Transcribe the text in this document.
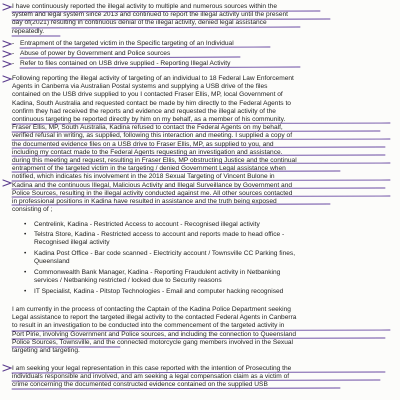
I have continuously reported the illegal activity to multiple and numerous sources within the
system and legal system since 2013 and continued to report the illegal activity until the present
day of(2021) resulting in continuous denial of the illegal activity, denied legal assistance
repeatedly.

- Entrapment of the targeted victim in the Specific targeting of an Individual
- Abuse of power by Government and Police sources
- Refer to files contained on USB drive supplied - Reporting Illegal Activity

Following reporting the illegal activity of targeting of an individual to 18 Federal Law Enforcement
Agents in Canberra via Australian Postal systems and supplying a USB drive of the files
contained on the USB drive supplied to you I contacted Fraser Ellis, MP, local Government of
Kadina, South Australia and requested contact be made by him directly to the Federal Agents to
confirm they had received the reports and evidence and requested the illegal activity of the
continuous targeting be reported directly by him on my behalf, as a member of his community.
Fraser Ellis, MP, South Australia, Kadina refused to contact the Federal Agents on my behalf,
verified refusal in writing, as supplied, following this interaction and meeting. I supplied a copy of
the documented evidence files on a USB drive to Fraser Ellis, MP, as supplied to you, and
including my contact made to the Federal Agents requesting an investigation and assistance.
during this meeting and request, resulting in Fraser Ellis, MP obstructing Justice and the continual
entrapment of the targeted victim in the targeting / denied Government Legal assistance when
notified, which indicates his involvement in the 2018 Sexual Targeting of Vincent Bulone in
Kadina and the continuous Illegal, Malicious Activity and Illegal Surveillance by Government and
Police Sources, resulting in the illegal activity conducted against me. All other sources contacted
in professional positions in Kadina have resulted in assistance and the truth being exposed
consisting of ;

• Centrelink, Kadina - Restricted Access to account - Recognised illegal activity
• Telstra Store, Kadina - Restricted access to account and reports made to head office -
Recognised illegal activity
• Kadina Post Office - Bar code scanned - Electricity account / Townsville CC Parking fines,
Queensland
• Commonwealth Bank Manager, Kadina - Reporting Fraudulent activity in Netbanking
services / Netbanking restricted / locked due to Security reasons
• IT Specialist, Kadina - Pitstop Technologies - Email and computer hacking recognised

I am currently in the process of contacting the Captain of the Kadina Police Department seeking
Legal assistance to report the targeted illegal activity to the contacted Federal Agents in Canberra
to result in an investigation to be conducted into the commencement of the targeted activity in
Port Pirie, involving Government and Police sources, and including the connection to Queensland
Police Sources, Townsville, and the connected motorcycle gang members involved in the Sexual
targeting and targeting.

I am seeking your legal representation in this case reported with the intention of Prosecuting the
individuals responsible and involved, and am seeking a legal compensation claim as a victim of
crime concerning the documented constructed evidence contained on the supplied USB
